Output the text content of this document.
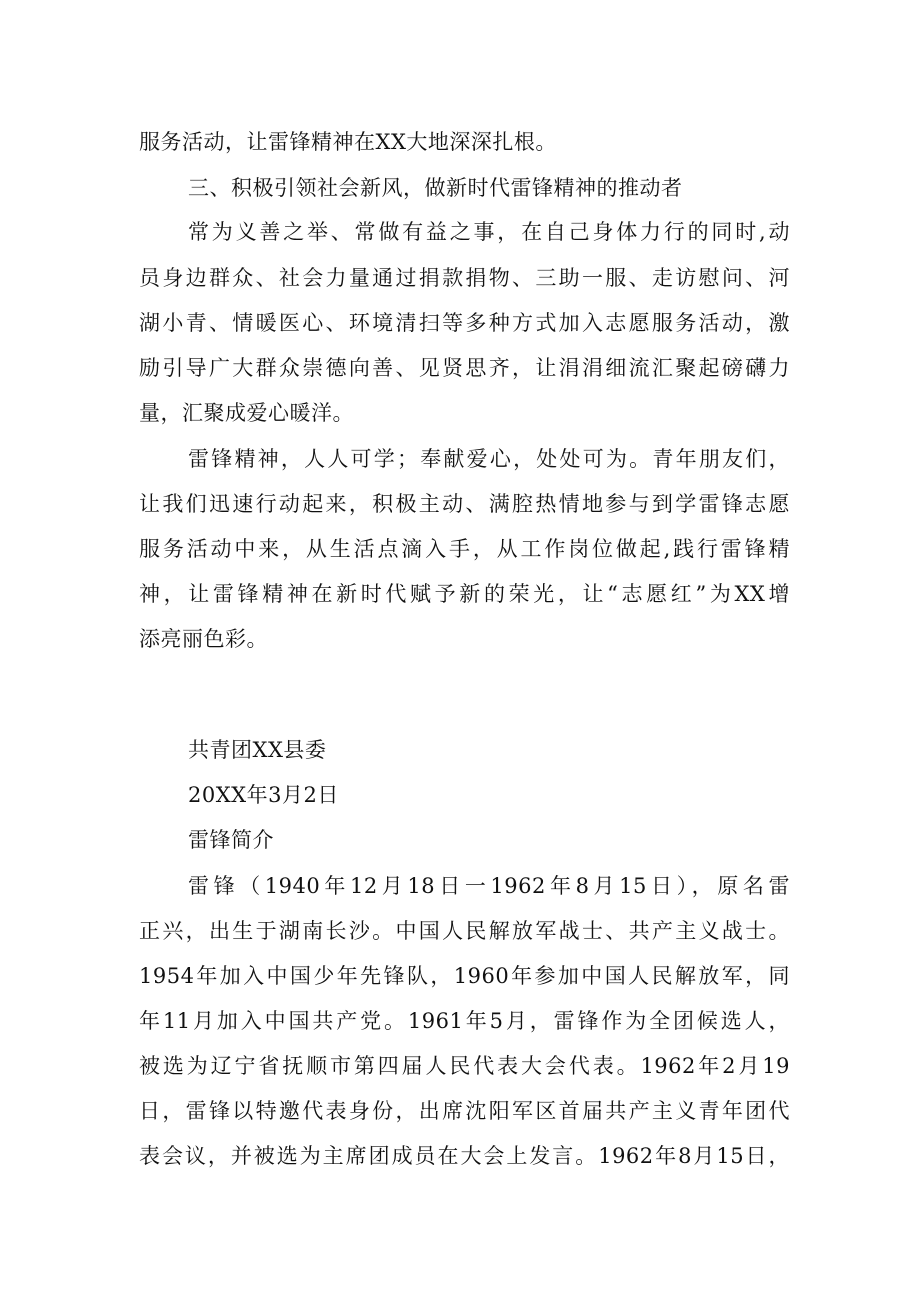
服务活动，让雷锋精神在XX大地深深扎根。
三、积极引领社会新风，做新时代雷锋精神的推动者
常为义善之举、常做有益之事，在自己身体力行的同时,动
员身边群众、社会力量通过捐款捐物、三助一服、走访慰问、河
湖小青、情暖医心、环境清扫等多种方式加入志愿服务活动，激
励引导广大群众崇德向善、见贤思齐，让涓涓细流汇聚起磅礴力
量，汇聚成爱心暖洋。
雷锋精神，人人可学；奉献爱心，处处可为。青年朋友们，
让我们迅速行动起来，积极主动、满腔热情地参与到学雷锋志愿
服务活动中来，从生活点滴入手，从工作岗位做起,践行雷锋精
神，让雷锋精神在新时代赋予新的荣光，让“志愿红”为XX增
添亮丽色彩。
共青团XX县委
20XX年3月2日
雷锋简介
雷锋（1940年12月18日一1962年8月15日），原名雷
正兴，出生于湖南长沙。中国人民解放军战士、共产主义战士。
1954年加入中国少年先锋队，1960年参加中国人民解放军，同
年11月加入中国共产党。1961年5月，雷锋作为全团候选人，
被选为辽宁省抚顺市第四届人民代表大会代表。1962年2月19
日，雷锋以特邀代表身份，出席沈阳军区首届共产主义青年团代
表会议，并被选为主席团成员在大会上发言。1962年8月15日，
